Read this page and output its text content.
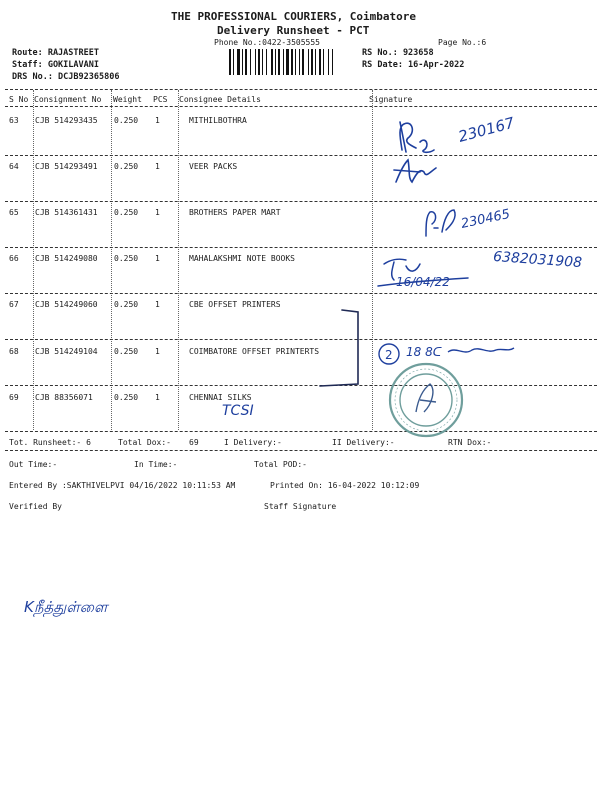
THE PROFESSIONAL COURIERS, Coimbatore
Delivery Runsheet - PCT
Phone No.:0422-3505555	Page No.:6
Route: RAJASTREET
Staff: GOKILAVANI
DRS No.: DCJB92365806
RS No.: 923658
RS Date: 16-Apr-2022
S No Consignment No Weight PCS Consignee Details	Signature
63 CJB 514293435 0.250 1	MITHILBOTHRA
64 CJB 514293491 0.250 1	VEER PACKS
65 CJB 514361431 0.250 1	BROTHERS PAPER MART
66 CJB 514249080 0.250 1	MAHALAKSHMI NOTE BOOKS
67 CJB 514249060 0.250 1	CBE OFFSET PRINTERS
68 CJB 514249104 0.250 1	COIMBATORE OFFSET PRINTERTS
69 CJB 88356071	0.250 1	CHENNAI SILKS
230167
230465
16/04/22
6382031908
2 18 8ᑕ
TCSI
Tot. Runsheet:- 6	Total Dox:- 69	I Delivery:-	II Delivery:-	RTN Dox:-
Out Time:-	In Time:-	Total POD:-
Entered By :SAKTHIVELPVI 04/16/2022 10:11:53 AM	Printed On: 16-04-2022 10:12:09
Verified By	Staff Signature
Kநீத்துள்ளை
